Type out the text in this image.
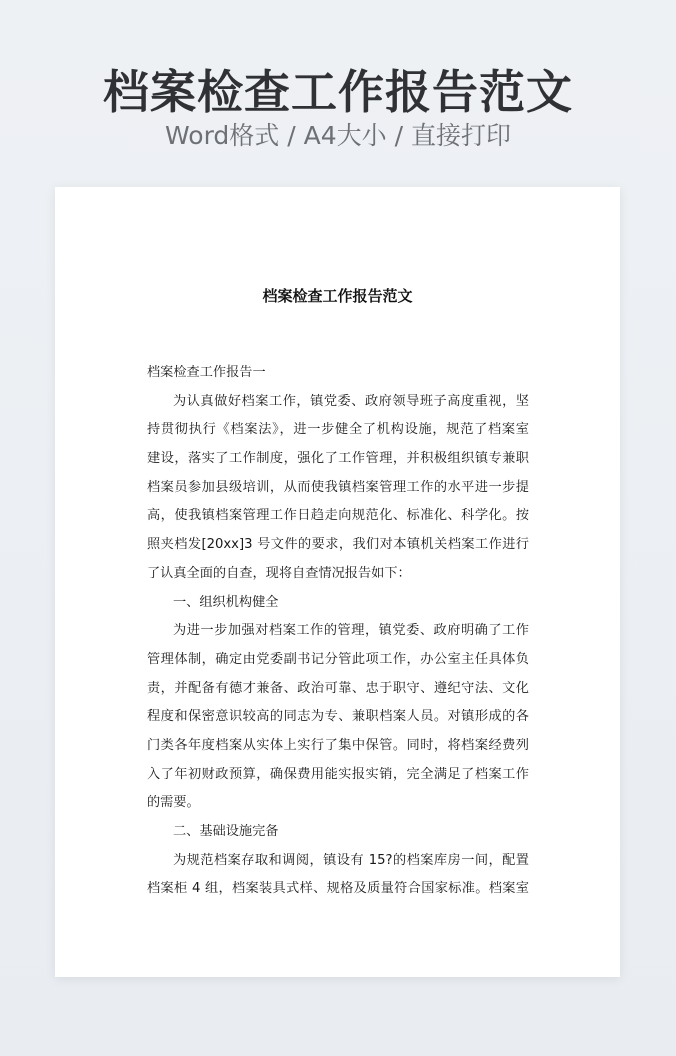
档案检查工作报告范文

Word格式 / A4大小 / 直接打印

档案检查工作报告范文
档案检查工作报告一
为认真做好档案工作，镇党委、政府领导班子高度重视，坚
持贯彻执行《档案法》，进一步健全了机构设施，规范了档案室
建设，落实了工作制度，强化了工作管理，并积极组织镇专兼职
档案员参加县级培训，从而使我镇档案管理工作的水平进一步提
高，使我镇档案管理工作日趋走向规范化、标准化、科学化。按
照夹档发[20xx]3 号文件的要求，我们对本镇机关档案工作进行
了认真全面的自查，现将自查情况报告如下：
一、组织机构健全
为进一步加强对档案工作的管理，镇党委、政府明确了工作
管理体制，确定由党委副书记分管此项工作，办公室主任具体负
责，并配备有德才兼备、政治可靠、忠于职守、遵纪守法、文化
程度和保密意识较高的同志为专、兼职档案人员。对镇形成的各
门类各年度档案从实体上实行了集中保管。同时，将档案经费列
入了年初财政预算，确保费用能实报实销，完全满足了档案工作
的需要。
二、基础设施完备
为规范档案存取和调阅，镇设有 15?的档案库房一间，配置
档案柜 4 组，档案装具式样、规格及质量符合国家标准。档案室
